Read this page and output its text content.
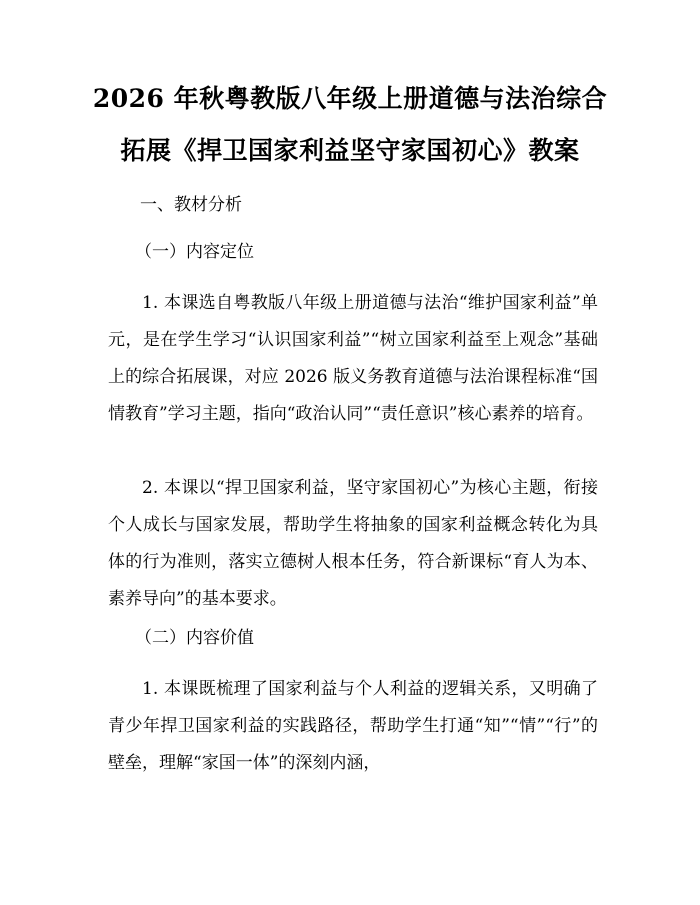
2026 年秋粤教版八年级上册道德与法治综合
拓展《捍卫国家利益坚守家国初心》教案
一、教材分析
（一）内容定位
1. 本课选自粤教版八年级上册道德与法治“维护国家利益”单元，是在学生学习“认识国家利益”“树立国家利益至上观念”基础上的综合拓展课，对应 2026 版义务教育道德与法治课程标准“国情教育”学习主题，指向“政治认同”“责任意识”核心素养的培育。
2. 本课以“捍卫国家利益，坚守家国初心”为核心主题，衔接个人成长与国家发展，帮助学生将抽象的国家利益概念转化为具体的行为准则，落实立德树人根本任务，符合新课标“育人为本、素养导向”的基本要求。
（二）内容价值
1. 本课既梳理了国家利益与个人利益的逻辑关系，又明确了青少年捍卫国家利益的实践路径，帮助学生打通“知”“情”“行”的壁垒，理解“家国一体”的深刻内涵，
